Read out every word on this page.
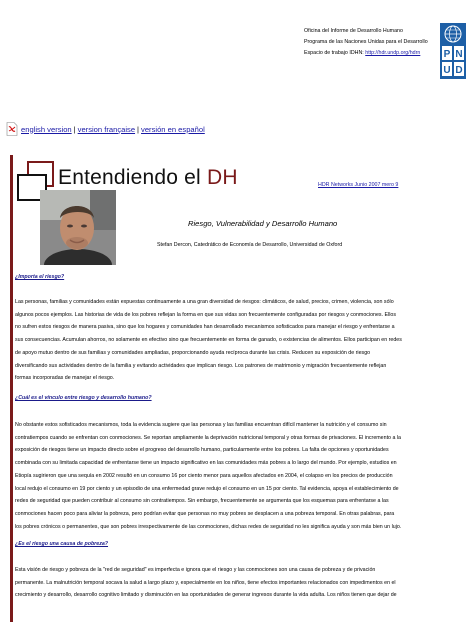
Oficina del Informe de Desarrollo Humano
Programa de las Naciones Unidas para el Desarrollo
Espacio de trabajo IDHN: http://hdr.undp.org/hdrn	P N
U D
english version | version française | versión en español
Entendiendo el DH	HDR Networks Junio 2007 mero 9
Riesgo, Vulnerabilidad y Desarrollo Humano
Stefan Dercon, Catedrático de Economía de Desarrollo, Universidad de Oxford
¿Importa el riesgo?
Las personas, familias y comunidades están expuestas continuamente a una gran diversidad de riesgos: climáticos, de salud, precios, crimen, violencia, son sólo
algunos pocos ejemplos. Las historias de vida de los pobres reflejan la forma en que sus vidas son frecuentemente configuradas por riesgos y conmociones. Ellos
no sufren estos riesgos de manera pasiva, sino que los hogares y comunidades han desarrollado mecanismos sofisticados para manejar el riesgo y enfrentarse a
sus consecuencias. Acumulan ahorros, no solamente en efectivo sino que frecuentemente en forma de ganado, o existencias de alimentos. Ellos participan en redes
de apoyo mutuo dentro de sus familias y comunidades ampliadas, proporcionando ayuda recíproca durante las crisis. Reducen su exposición de riesgo
diversificando sus actividades dentro de la familia y evitando actividades que implican riesgo. Los patrones de matrimonio y migración frecuentemente reflejan
formas incorporadas de manejar el riesgo.
¿Cuál es el vínculo entre riesgo y desarrollo humano?
No obstante estos sofisticados mecanismos, toda la evidencia sugiere que las personas y las familias encuentran difícil mantener la nutrición y el consumo sin
contratiempos cuando se enfrentan con conmociones. Se reportan ampliamente la deprivación nutricional temporal y otras formas de privaciones. El incremento a la
exposición de riesgos tiene un impacto directo sobre el progreso del desarrollo humano, particularmente entre los pobres. La falta de opciones y oportunidades
combinada con su limitada capacidad de enfrentarse tiene un impacto significativo en las comunidades más pobres a lo largo del mundo. Por ejemplo, estudios en
Etiopía sugirieron que una sequía en 2002 resultó en un consumo 16 por ciento menor para aquellos afectados en 2004, el colapso en los precios de producción
local redujo el consumo en 19 por ciento y un episodio de una enfermedad grave redujo el consumo en un 15 por ciento. Tal evidencia, apoya el establecimiento de
redes de seguridad que pueden contribuir al consumo sin contratiempos. Sin embargo, frecuentemente se argumenta que los esquemas para enfrentarse a las
conmociones hacen poco para aliviar la pobreza, pero podrían evitar que personas no muy pobres se desplacen a una pobreza temporal. En otras palabras, para
los pobres crónicos o permanentes, que son pobres irrespectivamente de las conmociones, dichas redes de seguridad no les significa ayuda y son más bien un lujo.
¿Es el riesgo una causa de pobreza?
Esta visión de riesgo y pobreza de la "red de seguridad" es imperfecta e ignora que el riesgo y las conmociones son una causa de pobreza y de privación
permanente. La malnutrición temporal socava la salud a largo plazo y, especialmente en los niños, tiene efectos importantes relacionados con impedimentos en el
crecimiento y desarrollo, desarrollo cognitivo limitado y disminución en las oportunidades de generar ingresos durante la vida adulta. Los niños tienen que dejar de
